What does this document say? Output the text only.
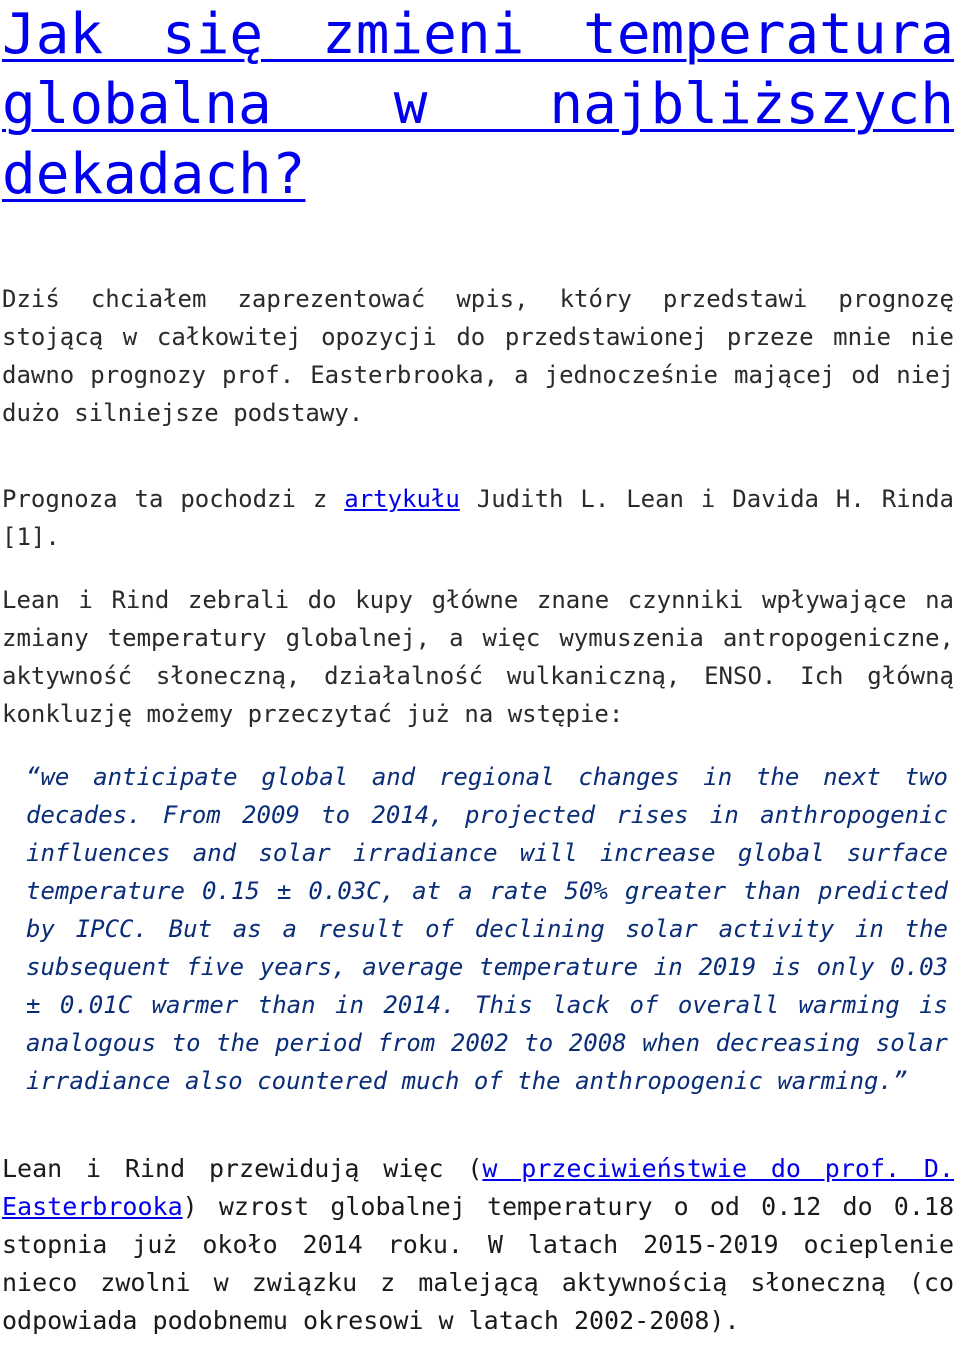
Jak się zmieni temperatura globalna w najbliższych dekadach?

Dziś chciałem zaprezentować wpis, który przedstawi prognozę stojącą w całkowitej opozycji do przedstawionej przeze mnie nie dawno prognozy prof. Easterbrooka, a jednocześnie mającej od niej dużo silniejsze podstawy.

Prognoza ta pochodzi z artykułu Judith L. Lean i Davida H. Rinda [1].

Lean i Rind zebrali do kupy główne znane czynniki wpływające na zmiany temperatury globalnej, a więc wymuszenia antropogeniczne, aktywność słoneczną, działalność wulkaniczną, ENSO. Ich główną konkluzję możemy przeczytać już na wstępie:

“we anticipate global and regional changes in the next two decades. From 2009 to 2014, projected rises in anthropogenic influences and solar irradiance will increase global surface temperature 0.15 ± 0.03C, at a rate 50% greater than predicted by IPCC. But as a result of declining solar activity in the subsequent five years, average temperature in 2019 is only 0.03 ± 0.01C warmer than in 2014. This lack of overall warming is analogous to the period from 2002 to 2008 when decreasing solar irradiance also countered much of the anthropogenic warming.”

Lean i Rind przewidują więc (w przeciwieństwie do prof. D. Easterbrooka) wzrost globalnej temperatury o od 0.12 do 0.18 stopnia już około 2014 roku. W latach 2015-2019 ocieplenie nieco zwolni w związku z malejącą aktywnością słoneczną (co odpowiada podobnemu okresowi w latach 2002-2008).
